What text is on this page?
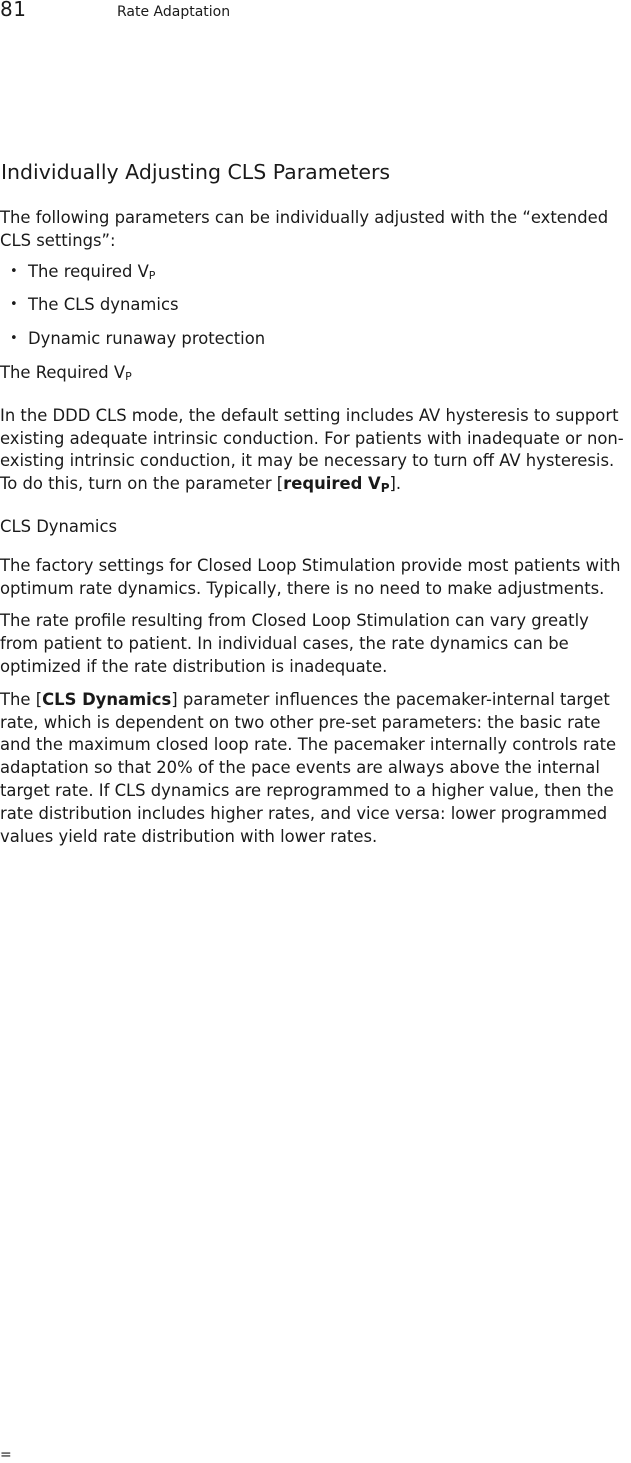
81	Rate Adaptation
Individually Adjusting CLS Parameters

The following parameters can be individually adjusted with the “extended CLS settings”:

• The required VP
• The CLS dynamics
• Dynamic runaway protection

The Required VP

In the DDD CLS mode, the default setting includes AV hysteresis to support existing adequate intrinsic conduction. For patients with inadequate or non-existing intrinsic conduction, it may be necessary to turn off AV hysteresis. To do this, turn on the parameter [required VP].

CLS Dynamics

The factory settings for Closed Loop Stimulation provide most patients with optimum rate dynamics. Typically, there is no need to make adjustments.

The rate profile resulting from Closed Loop Stimulation can vary greatly from patient to patient. In individual cases, the rate dynamics can be optimized if the rate distribution is inadequate.

The [CLS Dynamics] parameter influences the pacemaker-internal target rate, which is dependent on two other pre-set parameters: the basic rate and the maximum closed loop rate. The pacemaker internally controls rate adaptation so that 20% of the pace events are always above the internal target rate. If CLS dynamics are reprogrammed to a higher value, then the rate distribution includes higher rates, and vice versa: lower programmed values yield rate distribution with lower rates.

=
